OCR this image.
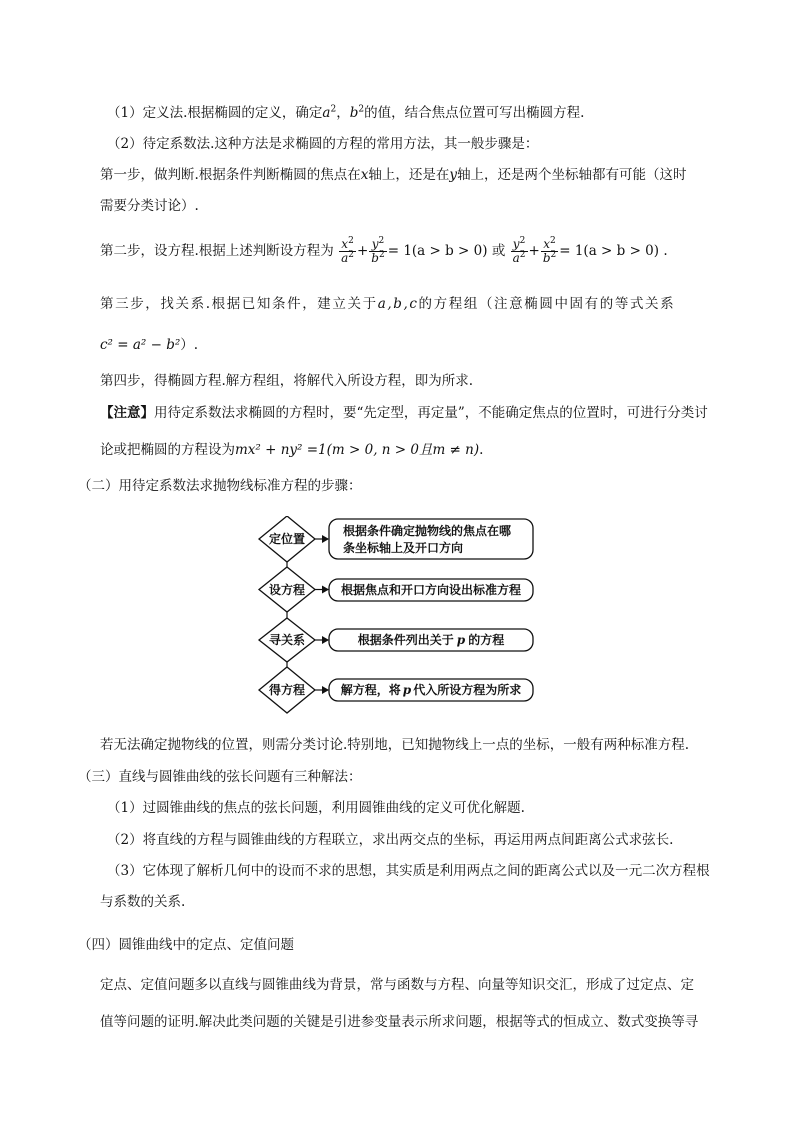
（1）定义法.根据椭圆的定义，确定$a^2$，$b^2$的值，结合焦点位置可写出椭圆方程.
（2）待定系数法.这种方法是求椭圆的方程的常用方法，其一般步骤是：
第一步，做判断.根据条件判断椭圆的焦点在x轴上，还是在y轴上，还是两个坐标轴都有可能（这时
需要分类讨论）.
第二步，设方程.根据上述判断设方程为 $\frac{x^2}{a^2} + \frac{y^2}{b^2} = 1(a > b > 0)$ 或 $\frac{y^2}{a^2} + \frac{x^2}{b^2} = 1(a > b > 0)$ .
第三步，找关系.根据已知条件，建立关于a,b,c的方程组（注意椭圆中固有的等式关系
c² = a² − b²）.
第四步，得椭圆方程.解方程组，将解代入所设方程，即为所求.
【注意】用待定系数法求椭圆的方程时，要“先定型，再定量”，不能确定焦点的位置时，可进行分类讨
论或把椭圆的方程设为mx² + ny² =1(m > 0, n > 0且m ≠ n).
（二）用待定系数法求抛物线标准方程的步骤：
定位置
设方程
寻关系
得方程
根据条件确定抛物线的焦点在哪
条坐标轴上及开口方向
根据焦点和开口方向设出标准方程
根据条件列出关于 p 的方程
解方程，将 p 代入所设方程为所求
若无法确定抛物线的位置，则需分类讨论.特别地，已知抛物线上一点的坐标，一般有两种标准方程.
（三）直线与圆锥曲线的弦长问题有三种解法：
（1）过圆锥曲线的焦点的弦长问题，利用圆锥曲线的定义可优化解题.
（2）将直线的方程与圆锥曲线的方程联立，求出两交点的坐标，再运用两点间距离公式求弦长.
（3）它体现了解析几何中的设而不求的思想，其实质是利用两点之间的距离公式以及一元二次方程根
与系数的关系.
（四）圆锥曲线中的定点、定值问题
定点、定值问题多以直线与圆锥曲线为背景，常与函数与方程、向量等知识交汇，形成了过定点、定
值等问题的证明.解决此类问题的关键是引进参变量表示所求问题，根据等式的恒成立、数式变换等寻
